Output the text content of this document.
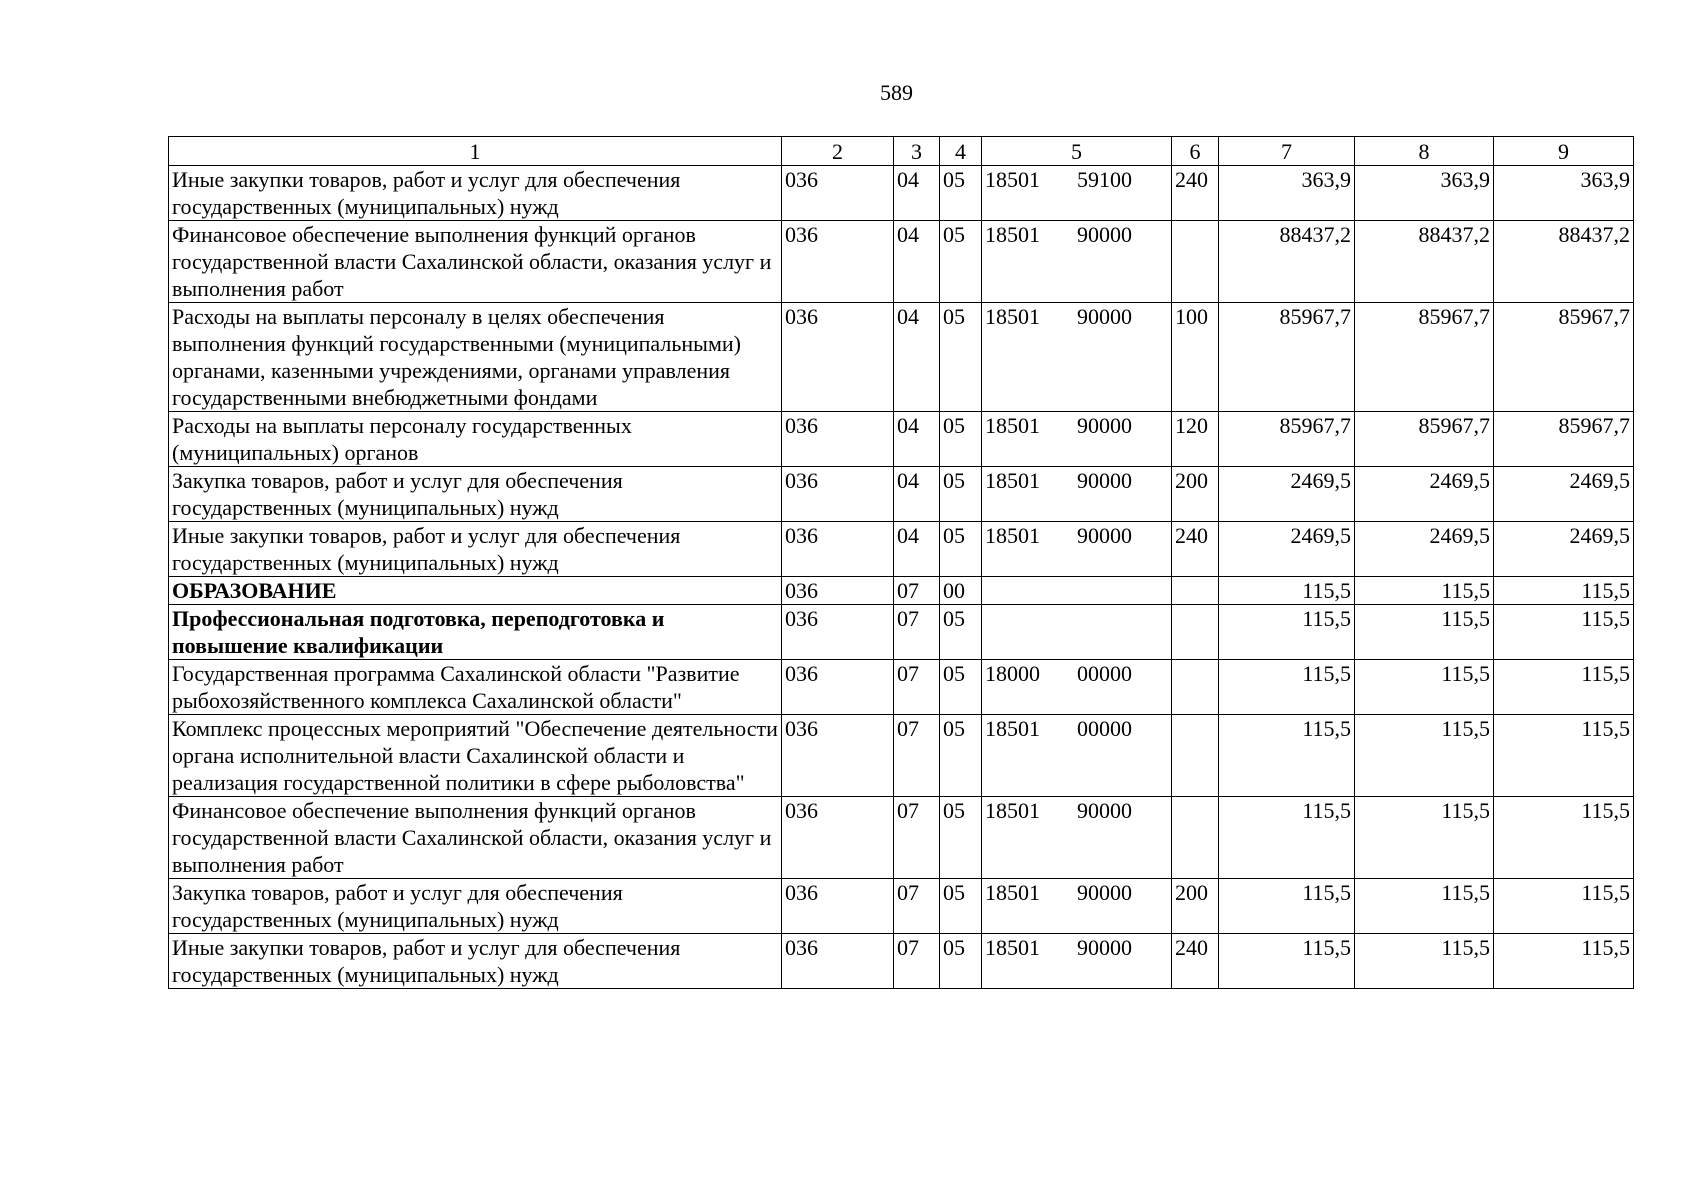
589
1	2	3	4	5	6	7	8	9
Иные закупки товаров, работ и услуг для обеспечения государственных (муниципальных) нужд	036	04	05	18501 59100	240	363,9	363,9	363,9
Финансовое обеспечение выполнения функций органов государственной власти Сахалинской области, оказания услуг и выполнения работ	036	04	05	18501 90000		88437,2	88437,2	88437,2
Расходы на выплаты персоналу в целях обеспечения выполнения функций государственными (муниципальными) органами, казенными учреждениями, органами управления государственными внебюджетными фондами	036	04	05	18501 90000	100	85967,7	85967,7	85967,7
Расходы на выплаты персоналу государственных (муниципальных) органов	036	04	05	18501 90000	120	85967,7	85967,7	85967,7
Закупка товаров, работ и услуг для обеспечения государственных (муниципальных) нужд	036	04	05	18501 90000	200	2469,5	2469,5	2469,5
Иные закупки товаров, работ и услуг для обеспечения государственных (муниципальных) нужд	036	04	05	18501 90000	240	2469,5	2469,5	2469,5
ОБРАЗОВАНИЕ	036	07	00			115,5	115,5	115,5
Профессиональная подготовка, переподготовка и повышение квалификации	036	07	05			115,5	115,5	115,5
Государственная программа Сахалинской области "Развитие рыбохозяйственного комплекса Сахалинской области"	036	07	05	18000 00000		115,5	115,5	115,5
Комплекс процессных мероприятий "Обеспечение деятельности органа исполнительной власти Сахалинской области и реализация государственной политики в сфере рыболовства"	036	07	05	18501 00000		115,5	115,5	115,5
Финансовое обеспечение выполнения функций органов государственной власти Сахалинской области, оказания услуг и выполнения работ	036	07	05	18501 90000		115,5	115,5	115,5
Закупка товаров, работ и услуг для обеспечения государственных (муниципальных) нужд	036	07	05	18501 90000	200	115,5	115,5	115,5
Иные закупки товаров, работ и услуг для обеспечения государственных (муниципальных) нужд	036	07	05	18501 90000	240	115,5	115,5	115,5
